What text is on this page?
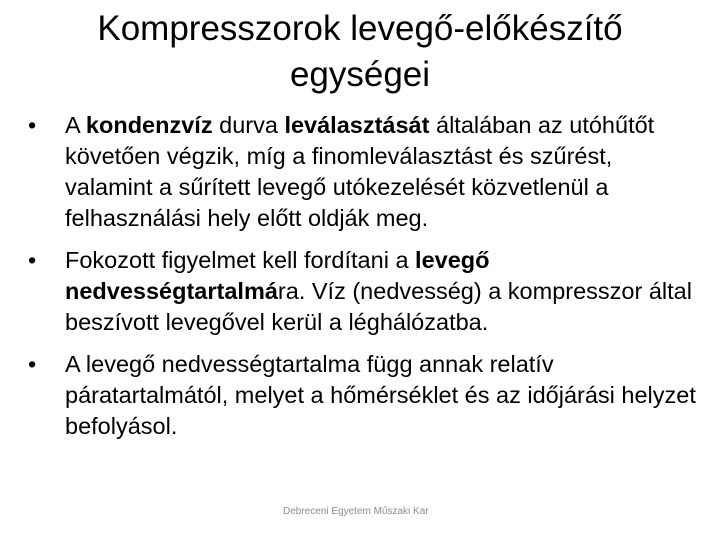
Kompresszorok levegő-előkészítő
egységei
•	A kondenzvíz durva leválasztását általában az utóhűtőt követően végzik, míg a finomleválasztást és szűrést, valamint a sűrített levegő utókezelését közvetlenül a felhasználási hely előtt oldják meg.
•	Fokozott figyelmet kell fordítani a levegő nedvességtartalmára. Víz (nedvesség) a kompresszor által beszívott levegővel kerül a léghálózatba.
•	A levegő nedvességtartalma függ annak relatív páratartalmától, melyet a hőmérséklet és az időjárási helyzet befolyásol.
Debreceni Egyetem Műszaki Kar
